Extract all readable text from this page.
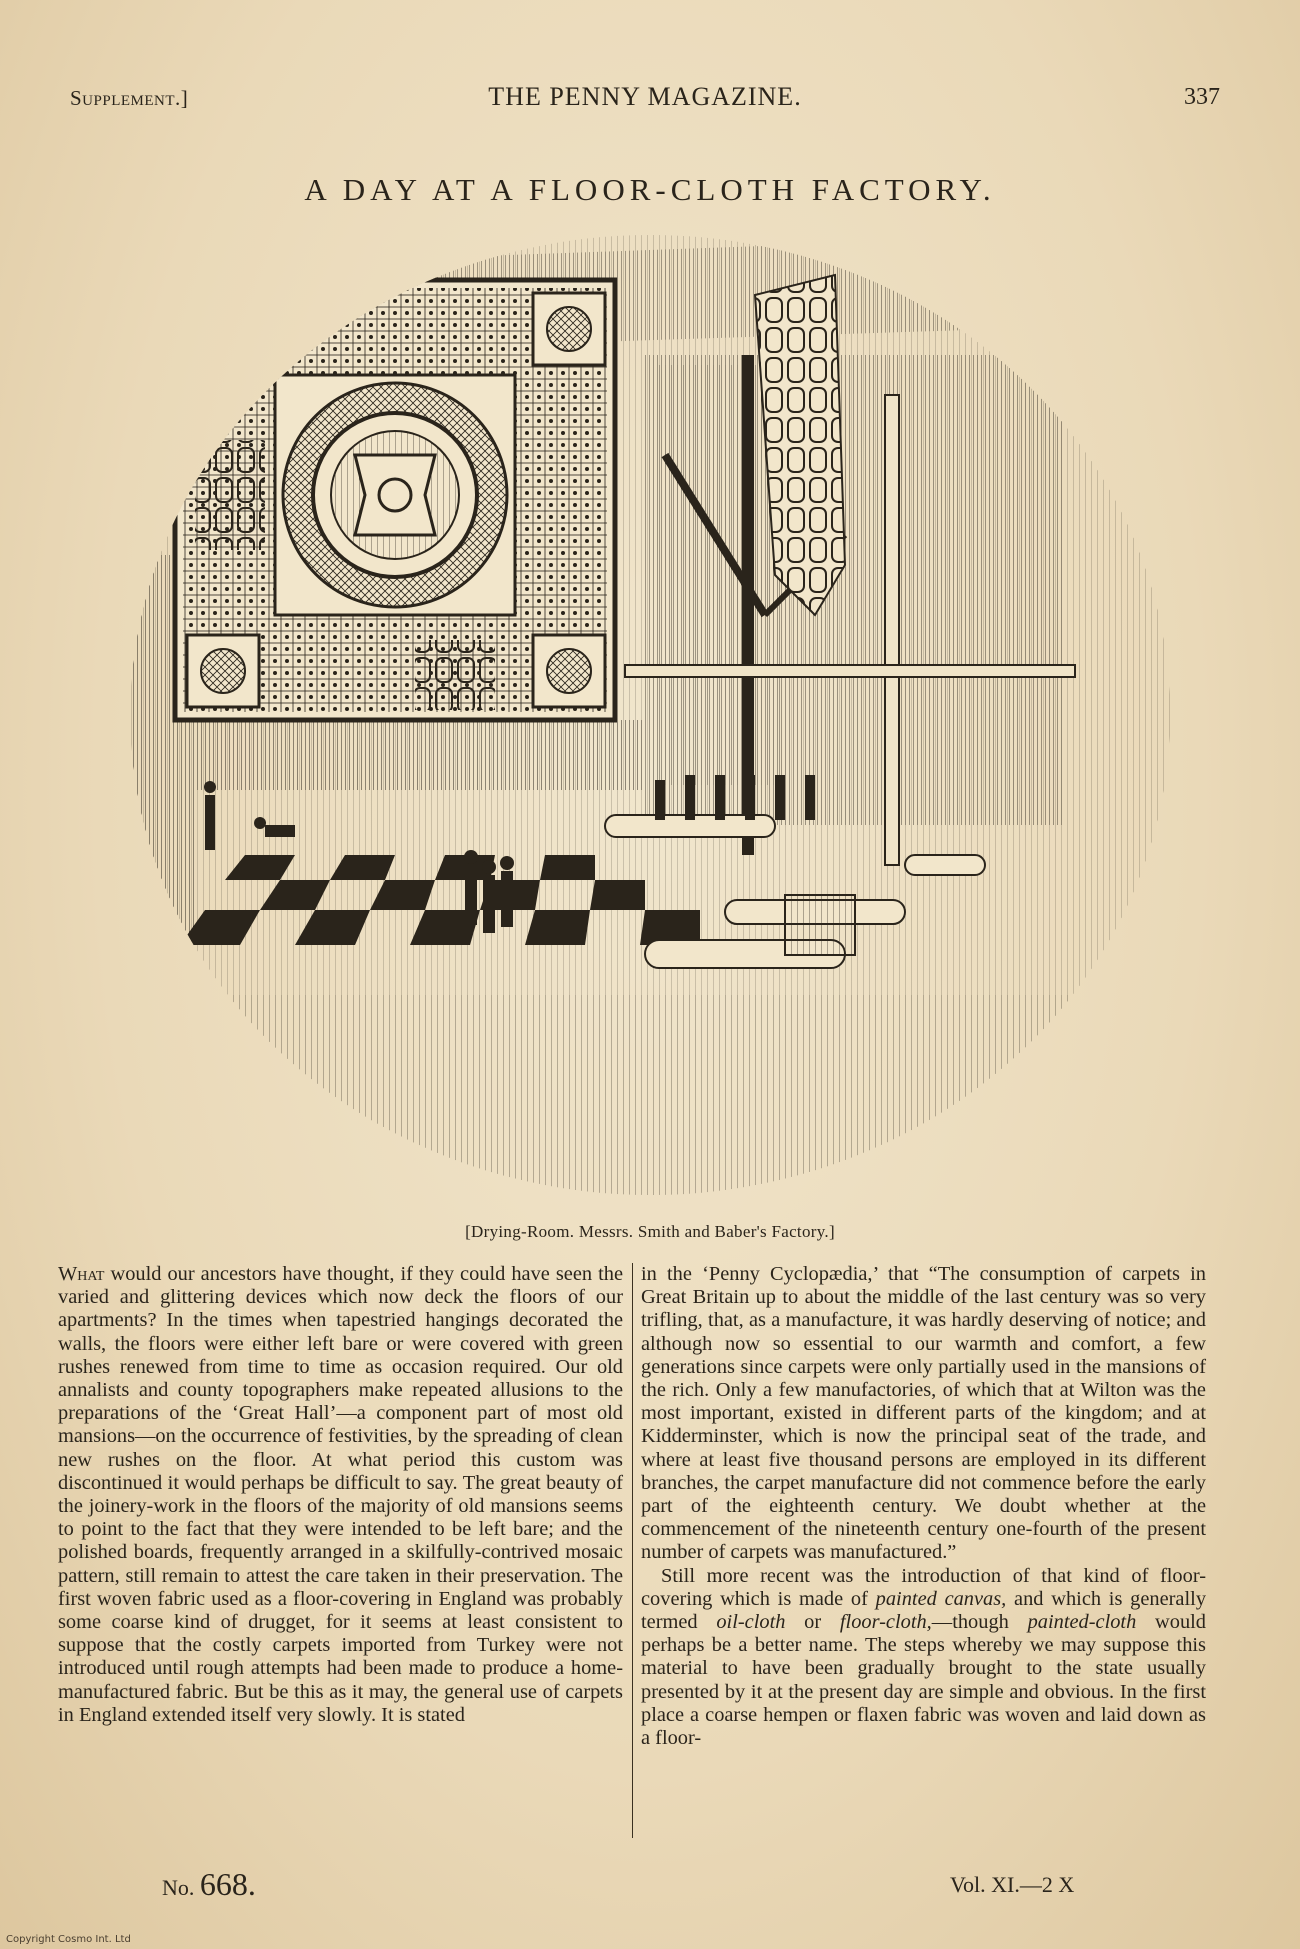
Supplement.]	THE PENNY MAGAZINE.	337
A DAY AT A FLOOR-CLOTH FACTORY.
[Drying-Room. Messrs. Smith and Baber's Factory.]

What would our ancestors have thought, if they could have seen the varied and glittering devices which now deck the floors of our apartments? In the times when tapestried hangings decorated the walls, the floors were either left bare or were covered with green rushes renewed from time to time as occasion required. Our old annalists and county topographers make repeated allusions to the preparations of the ‘Great Hall’—a component part of most old mansions—on the occurrence of festivities, by the spreading of clean new rushes on the floor. At what period this custom was discontinued it would perhaps be difficult to say. The great beauty of the joinery-work in the floors of the majority of old mansions seems to point to the fact that they were intended to be left bare; and the polished boards, frequently arranged in a skilfully-contrived mosaic pattern, still remain to attest the care taken in their preservation. The first woven fabric used as a floor-covering in England was probably some coarse kind of drugget, for it seems at least consistent to suppose that the costly carpets imported from Turkey were not introduced until rough attempts had been made to produce a home-manufactured fabric. But be this as it may, the general use of carpets in England extended itself very slowly. It is stated

in the ‘Penny Cyclopædia,’ that “The consumption of carpets in Great Britain up to about the middle of the last century was so very trifling, that, as a manufacture, it was hardly deserving of notice; and although now so essential to our warmth and comfort, a few generations since carpets were only partially used in the mansions of the rich. Only a few manufactories, of which that at Wilton was the most important, existed in different parts of the kingdom; and at Kidderminster, which is now the principal seat of the trade, and where at least five thousand persons are employed in its different branches, the carpet manufacture did not commence before the early part of the eighteenth century. We doubt whether at the commencement of the nineteenth century one-fourth of the present number of carpets was manufactured.”

Still more recent was the introduction of that kind of floor-covering which is made of painted canvas, and which is generally termed oil-cloth or floor-cloth,—though painted-cloth would perhaps be a better name. The steps whereby we may suppose this material to have been gradually brought to the state usually presented by it at the present day are simple and obvious. In the first place a coarse hempen or flaxen fabric was woven and laid down as a floor-

No. 668.	Vol. XI.—2 X
Copyright Cosmo Int. Ltd
